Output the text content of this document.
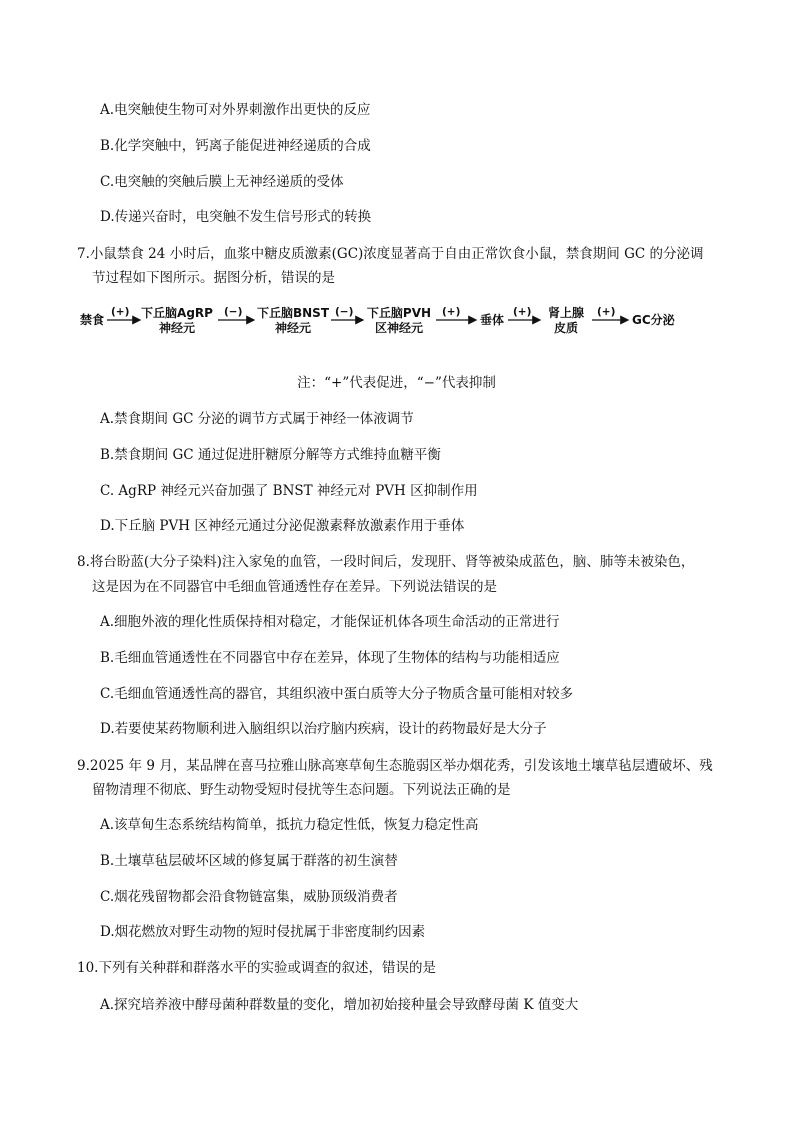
A.电突触使生物可对外界刺激作出更快的反应
B.化学突触中，钙离子能促进神经递质的合成
C.电突触的突触后膜上无神经递质的受体
D.传递兴奋时，电突触不发生信号形式的转换
7.小鼠禁食 24 小时后，血浆中糖皮质激素(GC)浓度显著高于自由正常饮食小鼠，禁食期间 GC 的分泌调
节过程如下图所示。据图分析，错误的是
禁食
(+) 下丘脑AgRP
神经元
(−) 下丘脑BNST
神经元
(−) 下丘脑PVH
区神经元
(+)
垂体
(+) 肾上腺
皮质
(+)
GC分泌
注：“+”代表促进，“−”代表抑制
A.禁食期间 GC 分泌的调节方式属于神经一体液调节
B.禁食期间 GC 通过促进肝糖原分解等方式维持血糖平衡
C. AgRP 神经元兴奋加强了 BNST 神经元对 PVH 区抑制作用
D.下丘脑 PVH 区神经元通过分泌促激素释放激素作用于垂体
8.将台盼蓝(大分子染料)注入家兔的血管，一段时间后，发现肝、肾等被染成蓝色，脑、肺等未被染色，
这是因为在不同器官中毛细血管通透性存在差异。下列说法错误的是
A.细胞外液的理化性质保持相对稳定，才能保证机体各项生命活动的正常进行
B.毛细血管通透性在不同器官中存在差异，体现了生物体的结构与功能相适应
C.毛细血管通透性高的器官，其组织液中蛋白质等大分子物质含量可能相对较多
D.若要使某药物顺利进入脑组织以治疗脑内疾病，设计的药物最好是大分子
9.2025 年 9 月，某品牌在喜马拉雅山脉高寒草甸生态脆弱区举办烟花秀，引发该地土壤草毡层遭破坏、残
留物清理不彻底、野生动物受短时侵扰等生态问题。下列说法正确的是
A.该草甸生态系统结构简单，抵抗力稳定性低，恢复力稳定性高
B.土壤草毡层破坏区域的修复属于群落的初生演替
C.烟花残留物都会沿食物链富集，威胁顶级消费者
D.烟花燃放对野生动物的短时侵扰属于非密度制约因素
10.下列有关种群和群落水平的实验或调查的叙述，错误的是
A.探究培养液中酵母菌种群数量的变化，增加初始接种量会导致酵母菌 K 值变大
